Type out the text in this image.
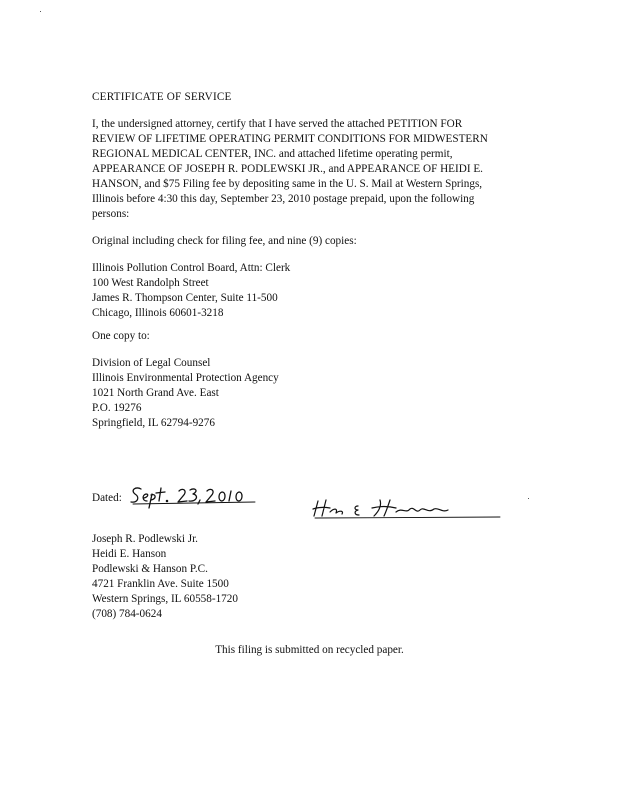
CERTIFICATE OF SERVICE
I, the undersigned attorney, certify that I have served the attached PETITION FOR
REVIEW OF LIFETIME OPERATING PERMIT CONDITIONS FOR MIDWESTERN
REGIONAL MEDICAL CENTER, INC. and attached lifetime operating permit,
APPEARANCE OF JOSEPH R. PODLEWSKI JR., and APPEARANCE OF HEIDI E.
HANSON, and $75 Filing fee by depositing same in the U. S. Mail at Western Springs,
Illinois before 4:30 this day, September 23, 2010 postage prepaid, upon the following
persons:
Original including check for filing fee, and nine (9) copies:
Illinois Pollution Control Board, Attn: Clerk
100 West Randolph Street
James R. Thompson Center, Suite 11-500
Chicago, Illinois 60601-3218
One copy to:
Division of Legal Counsel
Illinois Environmental Protection Agency
1021 North Grand Ave. East
P.O. 19276
Springfield, IL 62794-9276
Dated:
Joseph R. Podlewski Jr.
Heidi E. Hanson
Podlewski & Hanson P.C.
4721 Franklin Ave. Suite 1500
Western Springs, IL 60558-1720
(708) 784-0624
This filing is submitted on recycled paper.
